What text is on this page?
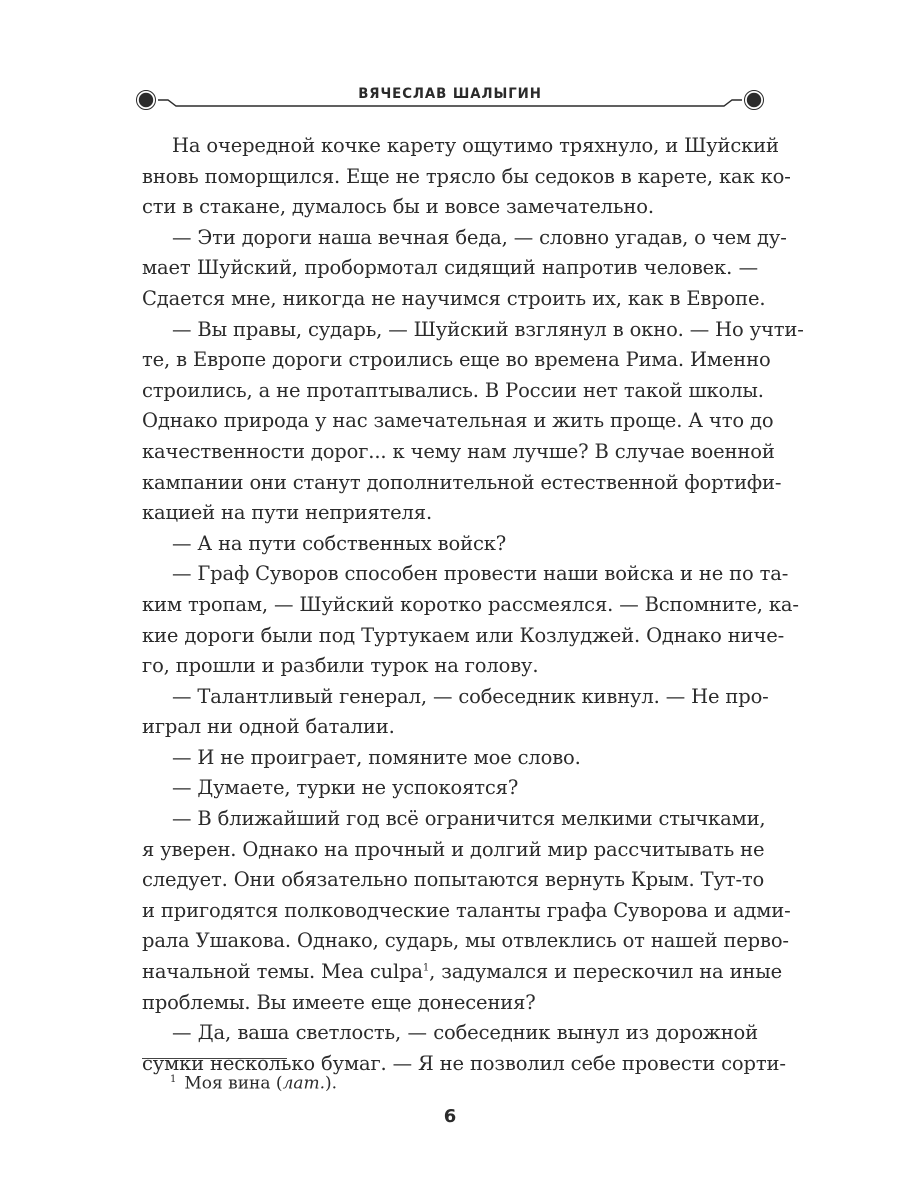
ВЯЧЕСЛАВ ШАЛЫГИН
На очередной кочке карету ощутимо тряхнуло, и Шуйский
вновь поморщился. Еще не трясло бы седоков в карете, как ко-
сти в стакане, думалось бы и вовсе замечательно.
— Эти дороги наша вечная беда, — словно угадав, о чем ду-
мает Шуйский, пробормотал сидящий напротив человек. —
Сдается мне, никогда не научимся строить их, как в Европе.
— Вы правы, сударь, — Шуйский взглянул в окно. — Но учти-
те, в Европе дороги строились еще во времена Рима. Именно
строились, а не протаптывались. В России нет такой школы.
Однако природа у нас замечательная и жить проще. А что до
качественности дорог... к чему нам лучше? В случае военной
кампании они станут дополнительной естественной фортифи-
кацией на пути неприятеля.
— А на пути собственных войск?
— Граф Суворов способен провести наши войска и не по та-
ким тропам, — Шуйский коротко рассмеялся. — Вспомните, ка-
кие дороги были под Туртукаем или Козлуджей. Однако ниче-
го, прошли и разбили турок на голову.
— Талантливый генерал, — собеседник кивнул. — Не про-
играл ни одной баталии.
— И не проиграет, помяните мое слово.
— Думаете, турки не успокоятся?
— В ближайший год всё ограничится мелкими стычками,
я уверен. Однако на прочный и долгий мир рассчитывать не
следует. Они обязательно попытаются вернуть Крым. Тут-то
и пригодятся полководческие таланты графа Суворова и адми-
рала Ушакова. Однако, сударь, мы отвлеклись от нашей перво-
начальной темы. Mea culpa$^1$, задумался и перескочил на иные
проблемы. Вы имеете еще донесения?
— Да, ваша светлость, — собеседник вынул из дорожной
сумки несколько бумаг. — Я не позволил себе провести сорти-
$^1$ Моя вина (лат.).
6
